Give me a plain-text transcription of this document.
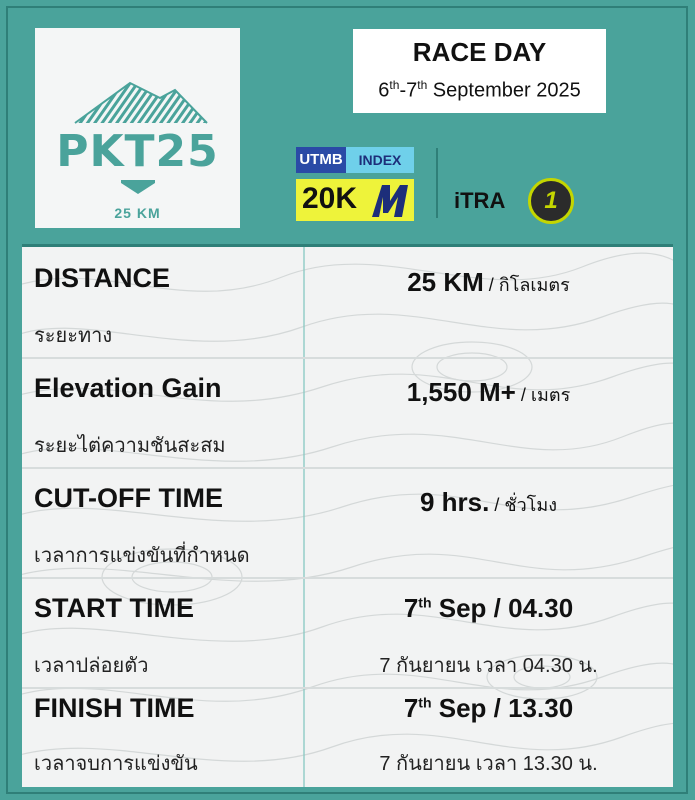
PKT25
25 KM
RACE DAY
6th-7th September 2025
UTMB	INDEX
20K	iTRA	1
DISTANCE
ระยะทาง
25 KM / กิโลเมตร
Elevation Gain
ระยะไต่ความชันสะสม
1,550 M+ / เมตร
CUT-OFF TIME
เวลาการแข่งขันที่กำหนด
9 hrs. / ชั่วโมง
START TIME
เวลาปล่อยตัว
7th Sep / 04.30
7 กันยายน เวลา 04.30 น.
FINISH TIME
เวลาจบการแข่งขัน
7th Sep / 13.30
7 กันยายน เวลา 13.30 น.
